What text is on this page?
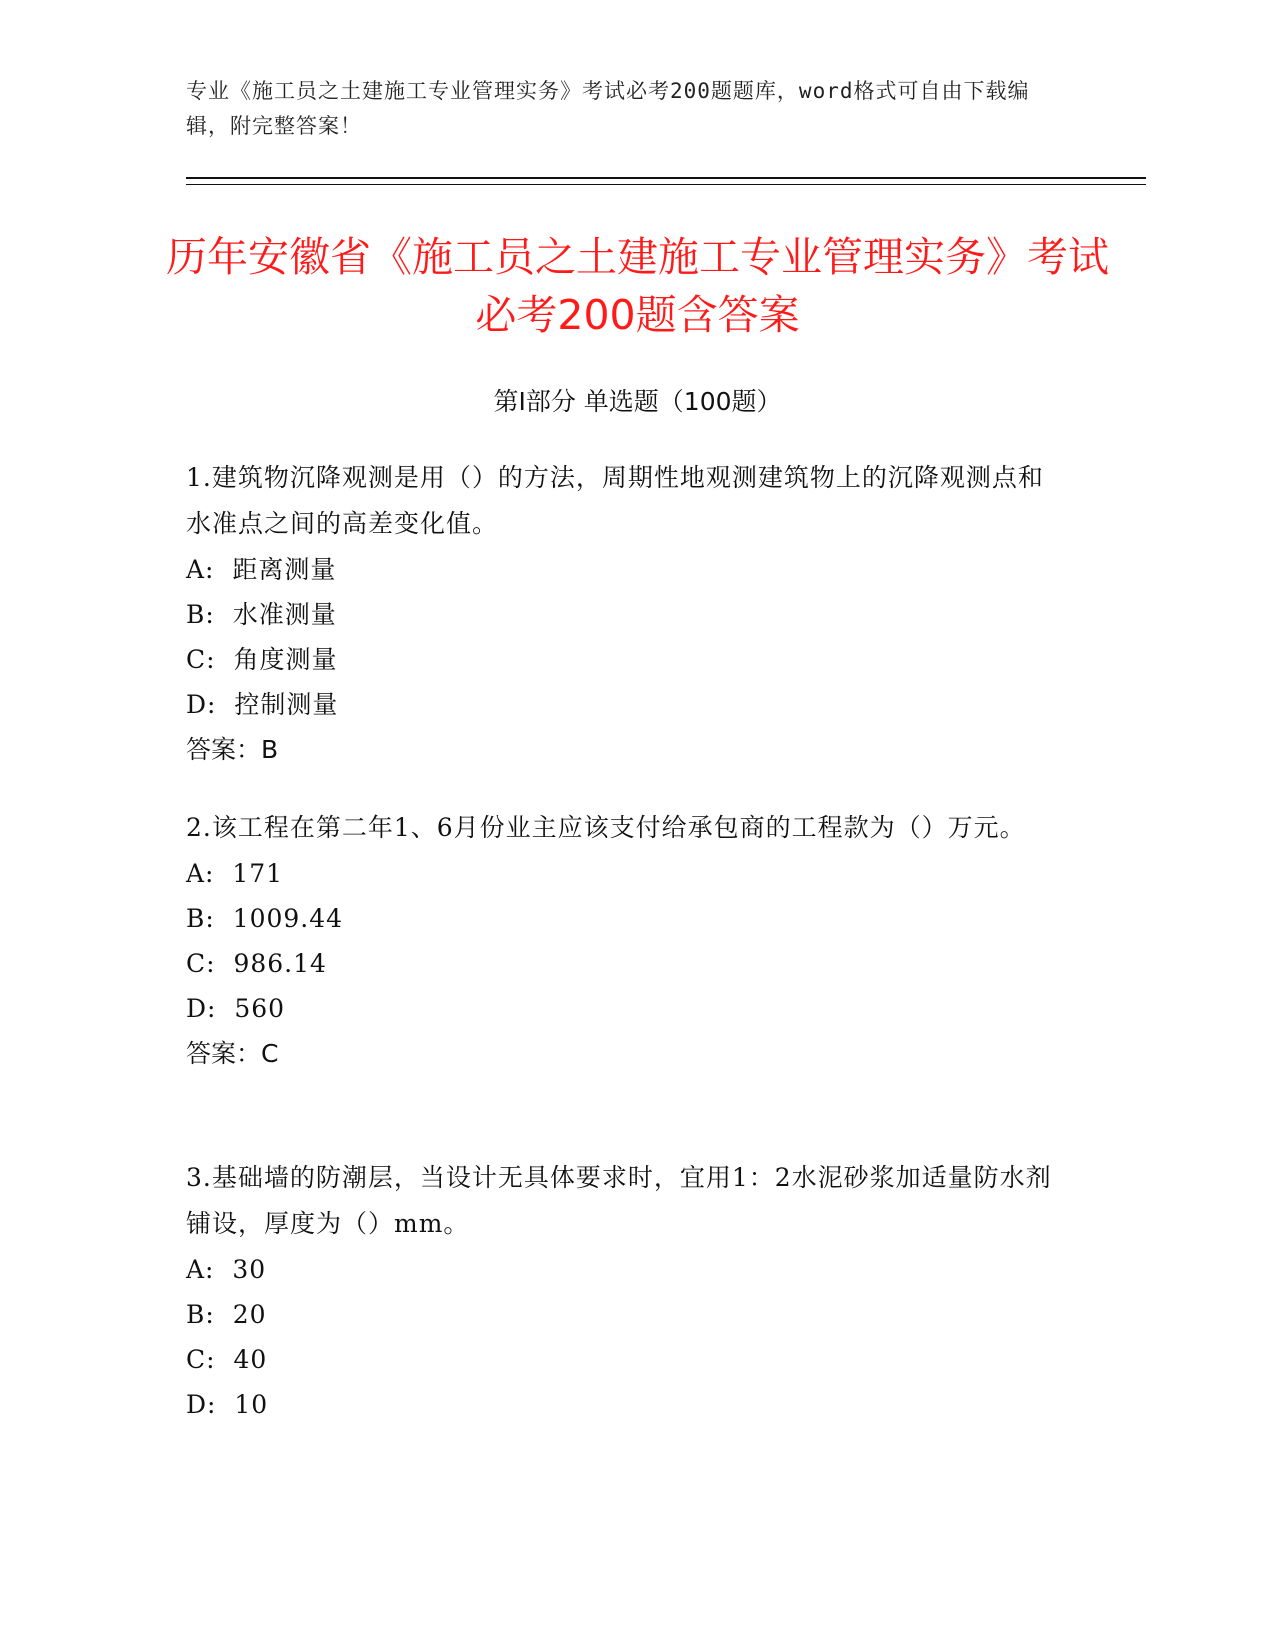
专业《施工员之土建施工专业管理实务》考试必考200题题库，word格式可自由下载编辑，附完整答案！
历年安徽省《施工员之土建施工专业管理实务》考试必考200题含答案
第Ⅰ部分 单选题（100题）
1.建筑物沉降观测是用（）的方法，周期性地观测建筑物上的沉降观测点和水准点之间的高差变化值。
A:  距离测量
B:  水准测量
C:  角度测量
D:  控制测量
答案：B
2.该工程在第二年1、6月份业主应该支付给承包商的工程款为（）万元。
A:  171
B:  1009.44
C:  986.14
D:  560
答案：C
3.基础墙的防潮层，当设计无具体要求时，宜用1：2水泥砂浆加适量防水剂铺设，厚度为（）mm。
A:  30
B:  20
C:  40
D:  10
